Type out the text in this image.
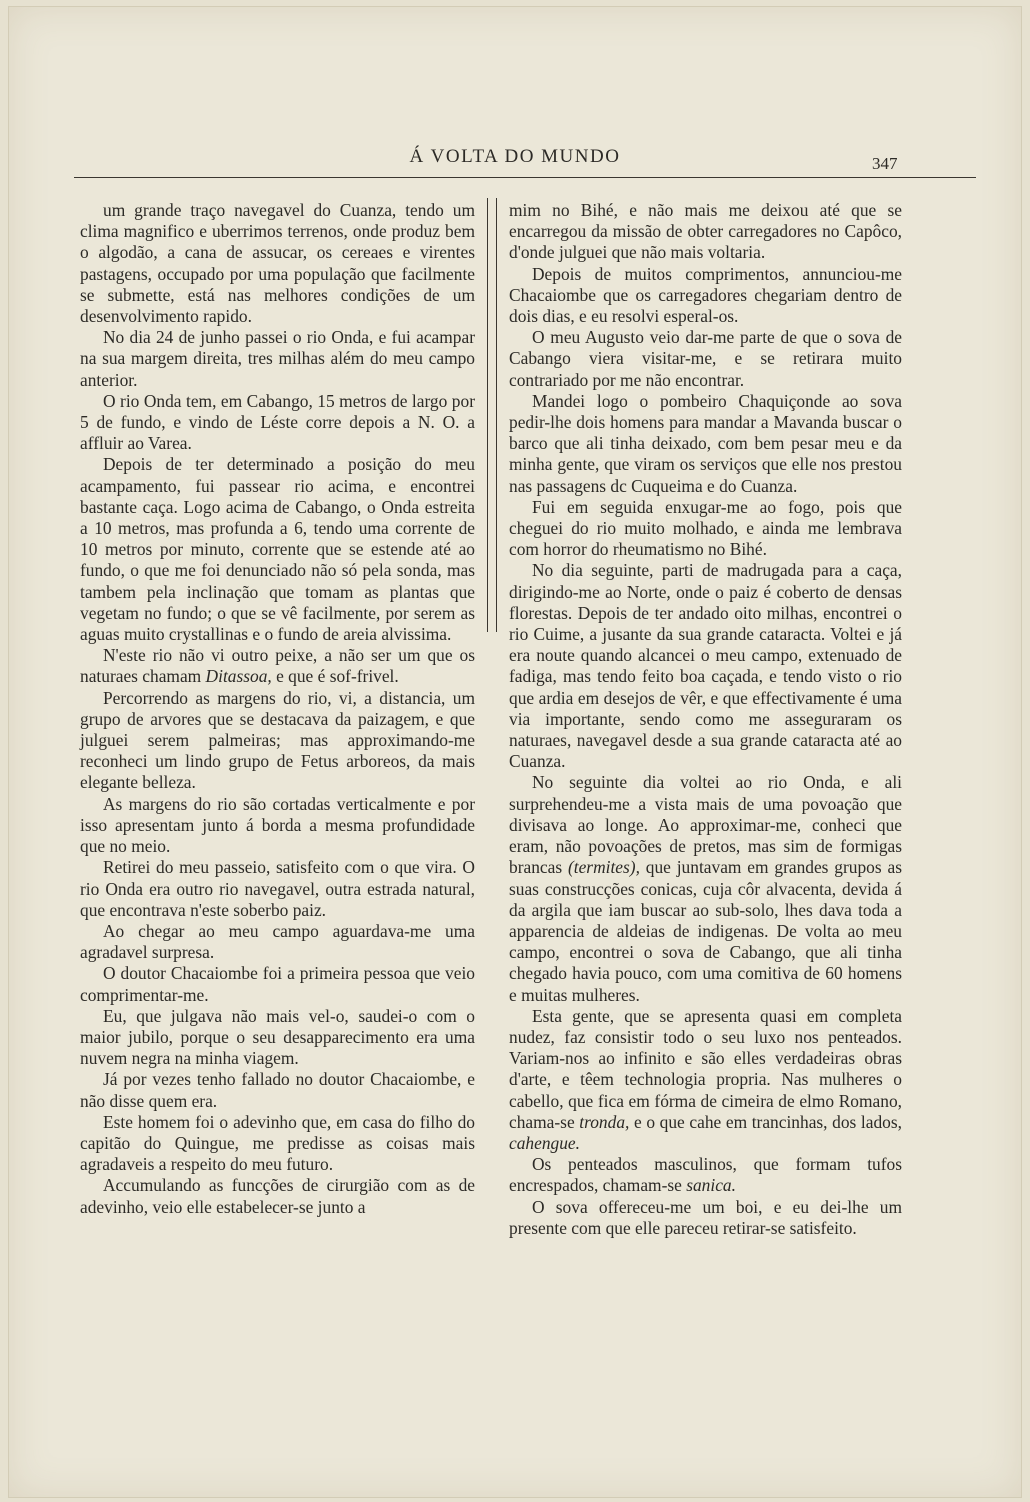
Á VOLTA DO MUNDO	347

um grande traço navegavel do Cuanza, tendo um clima magnifico e uberrimos terrenos, onde produz bem o algodão, a cana de assucar, os cereaes e virentes pastagens, occupado por uma população que facilmente se submette, está nas melhores condições de um desenvolvimento rapido.

No dia 24 de junho passei o rio Onda, e fui acampar na sua margem direita, tres milhas além do meu campo anterior.

O rio Onda tem, em Cabango, 15 metros de largo por 5 de fundo, e vindo de Léste corre depois a N. O. a affluir ao Varea.

Depois de ter determinado a posição do meu acampamento, fui passear rio acima, e encontrei bastante caça. Logo acima de Cabango, o Onda estreita a 10 metros, mas profunda a 6, tendo uma corrente de 10 metros por minuto, corrente que se estende até ao fundo, o que me foi denunciado não só pela sonda, mas tambem pela inclinação que tomam as plantas que vegetam no fundo; o que se vê facilmente, por serem as aguas muito crystallinas e o fundo de areia alvissima.

N'este rio não vi outro peixe, a não ser um que os naturaes chamam Ditassoa, e que é sof-frivel.

Percorrendo as margens do rio, vi, a distancia, um grupo de arvores que se destacava da paizagem, e que julguei serem palmeiras; mas approximando-me reconheci um lindo grupo de Fetus arboreos, da mais elegante belleza.

As margens do rio são cortadas verticalmente e por isso apresentam junto á borda a mesma profundidade que no meio.

Retirei do meu passeio, satisfeito com o que vira. O rio Onda era outro rio navegavel, outra estrada natural, que encontrava n'este soberbo paiz.

Ao chegar ao meu campo aguardava-me uma agradavel surpresa.

O doutor Chacaiombe foi a primeira pessoa que veio comprimentar-me.

Eu, que julgava não mais vel-o, saudei-o com o maior jubilo, porque o seu desapparecimento era uma nuvem negra na minha viagem.

Já por vezes tenho fallado no doutor Chacaiombe, e não disse quem era.

Este homem foi o adevinho que, em casa do filho do capitão do Quingue, me predisse as coisas mais agradaveis a respeito do meu futuro.

Accumulando as funcções de cirurgião com as de adevinho, veio elle estabelecer-se junto a

mim no Bihé, e não mais me deixou até que se encarregou da missão de obter carregadores no Capôco, d'onde julguei que não mais voltaria.

Depois de muitos comprimentos, annunciou-me Chacaiombe que os carregadores chegariam dentro de dois dias, e eu resolvi esperal-os.

O meu Augusto veio dar-me parte de que o sova de Cabango viera visitar-me, e se retirara muito contrariado por me não encontrar.

Mandei logo o pombeiro Chaquiçonde ao sova pedir-lhe dois homens para mandar a Mavanda buscar o barco que ali tinha deixado, com bem pesar meu e da minha gente, que viram os serviços que elle nos prestou nas passagens dc Cuqueima e do Cuanza.

Fui em seguida enxugar-me ao fogo, pois que cheguei do rio muito molhado, e ainda me lembrava com horror do rheumatismo no Bihé.

No dia seguinte, parti de madrugada para a caça, dirigindo-me ao Norte, onde o paiz é coberto de densas florestas. Depois de ter andado oito milhas, encontrei o rio Cuime, a jusante da sua grande cataracta. Voltei e já era noute quando alcancei o meu campo, extenuado de fadiga, mas tendo feito boa caçada, e tendo visto o rio que ardia em desejos de vêr, e que effectivamente é uma via importante, sendo como me asseguraram os naturaes, navegavel desde a sua grande cataracta até ao Cuanza.

No seguinte dia voltei ao rio Onda, e ali surprehendeu-me a vista mais de uma povoação que divisava ao longe. Ao approximar-me, conheci que eram, não povoações de pretos, mas sim de formigas brancas (termites), que juntavam em grandes grupos as suas construcções conicas, cuja côr alvacenta, devida á da argila que iam buscar ao sub-solo, lhes dava toda a apparencia de aldeias de indigenas. De volta ao meu campo, encontrei o sova de Cabango, que ali tinha chegado havia pouco, com uma comitiva de 60 homens e muitas mulheres.

Esta gente, que se apresenta quasi em completa nudez, faz consistir todo o seu luxo nos penteados. Variam-nos ao infinito e são elles verdadeiras obras d'arte, e têem technologia propria. Nas mulheres o cabello, que fica em fórma de cimeira de elmo Romano, chama-se tronda, e o que cahe em trancinhas, dos lados, cahengue.

Os penteados masculinos, que formam tufos encrespados, chamam-se sanica.

O sova offereceu-me um boi, e eu dei-lhe um presente com que elle pareceu retirar-se satisfeito.
